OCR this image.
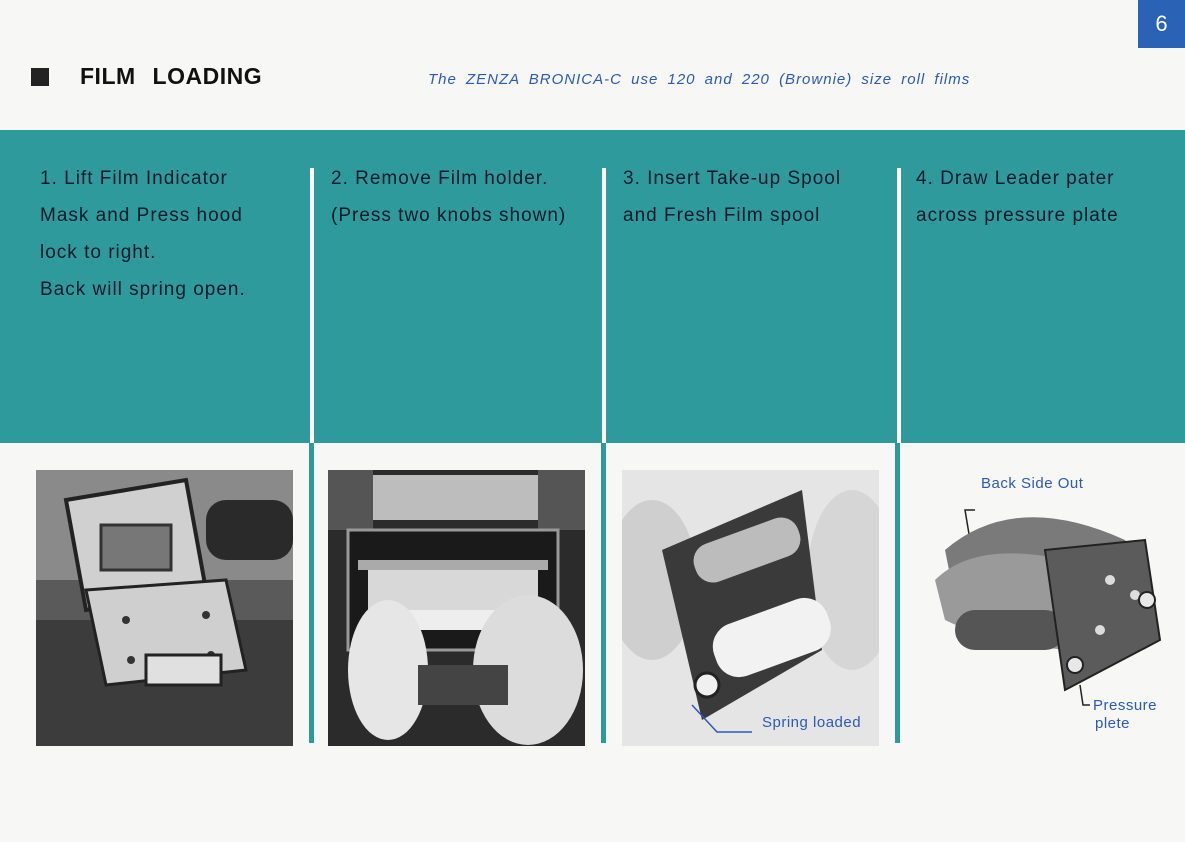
6
FILM LOADING	The ZENZA BRONICA-C use 120 and 220 (Brownie) size roll films
1. Lift Film Indicator
Mask and Press hood
lock to right.
Back will spring open.
2. Remove Film holder.
(Press two knobs shown)
3. Insert Take-up Spool
and Fresh Film spool
4. Draw Leader pater
across pressure plate
Spring loaded
Back Side Out
Pressure
plete
